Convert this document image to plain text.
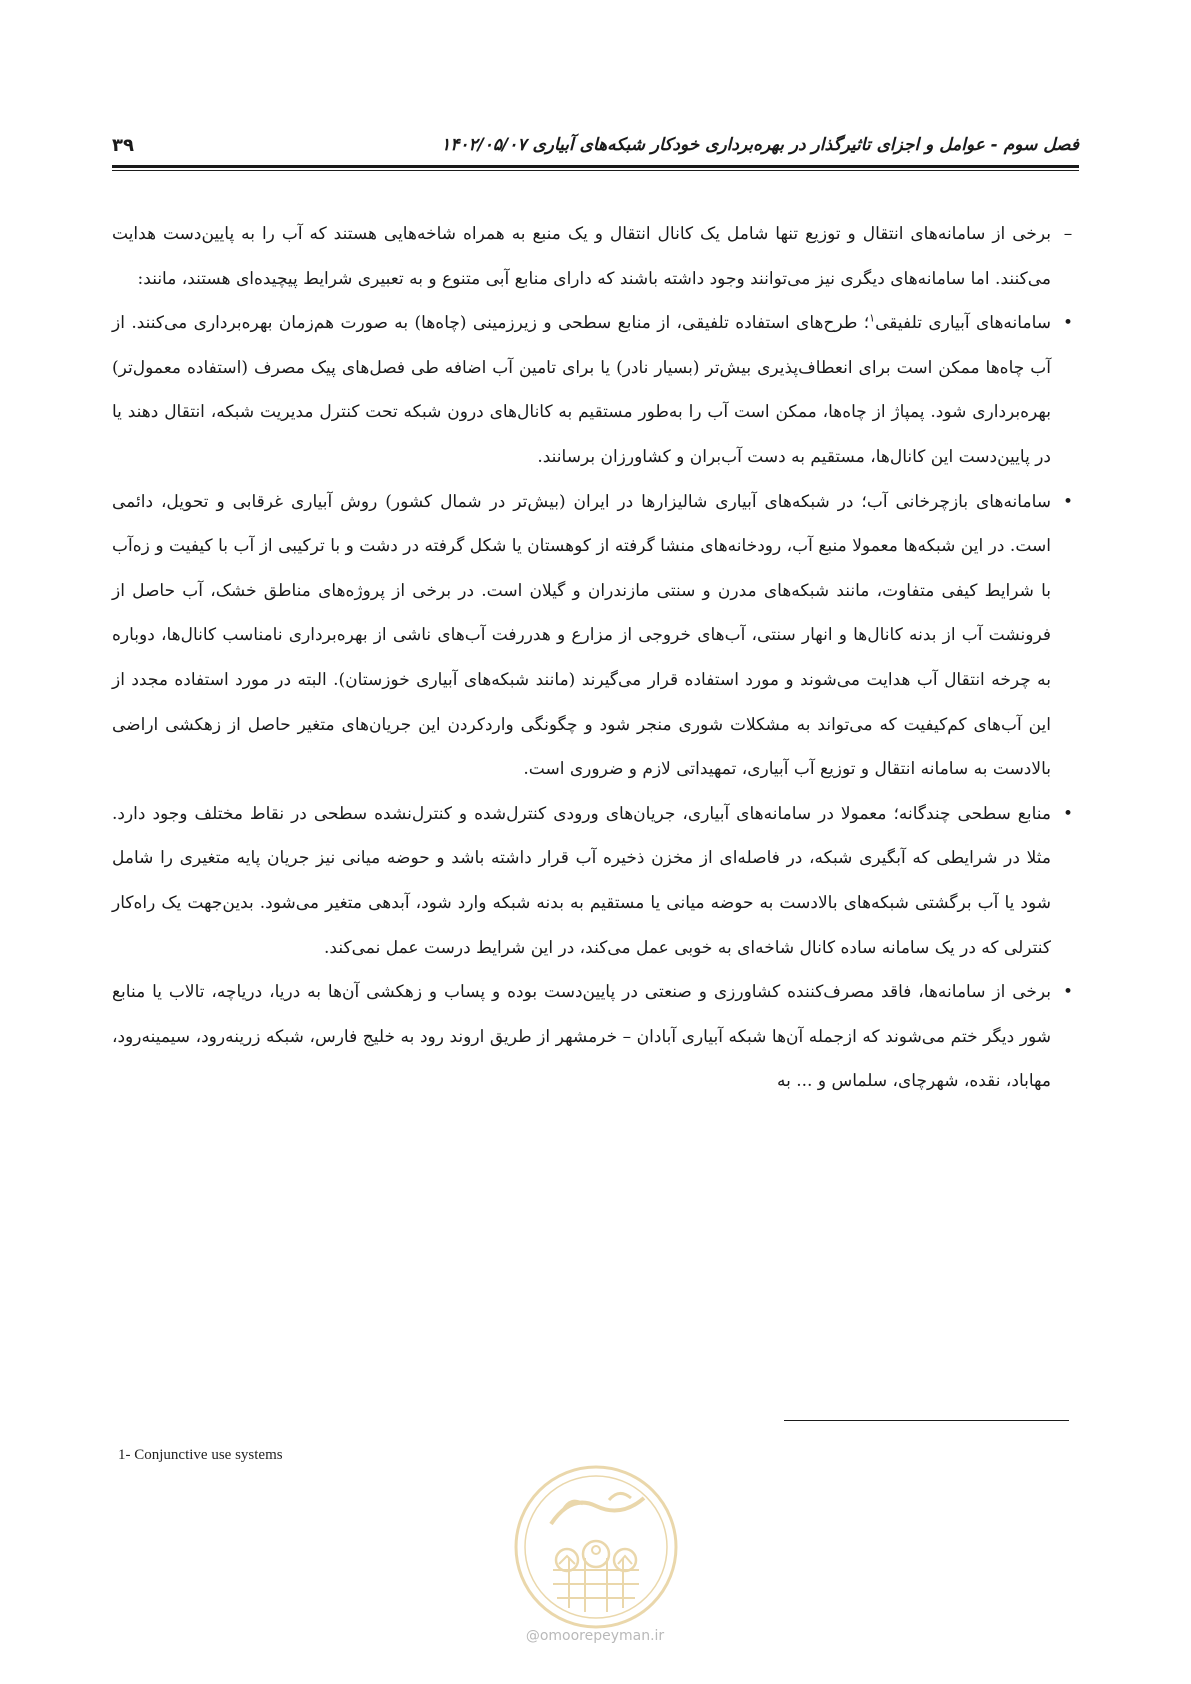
فصل سوم - عوامل و اجزای تاثیرگذار در بهره‌برداری خودکار شبکه‌های آبیاری ۱۴۰۲/۰۵/۰۷
۳۹

–
برخی از سامانه‌های انتقال و توزیع تنها شامل یک کانال انتقال و یک منبع به همراه شاخه‌هایی هستند که آب را به پایین‌دست هدایت می‌کنند. اما سامانه‌های دیگری نیز می‌توانند وجود داشته باشند که دارای منابع آبی متنوع و به تعبیری شرایط پیچیده‌ای هستند، مانند:

•
سامانه‌های آبیاری تلفیقی$^۱$؛ طرح‌های استفاده تلفیقی، از منابع سطحی و زیرزمینی (چاه‌ها) به صورت هم‌زمان بهره‌برداری می‌کنند. از آب چاه‌ها ممکن است برای انعطاف‌پذیری بیش‌تر (بسیار نادر) یا برای تامین آب اضافه طی فصل‌های پیک مصرف (استفاده معمول‌تر) بهره‌برداری شود. پمپاژ از چاه‌ها، ممکن است آب را به‌طور مستقیم به کانال‌های درون شبکه تحت کنترل مدیریت شبکه، انتقال دهند یا در پایین‌دست این کانال‌ها، مستقیم به دست آب‌بران و کشاورزان برسانند.

•
سامانه‌های بازچرخانی آب؛ در شبکه‌های آبیاری شالیزارها در ایران (بیش‌تر در شمال کشور) روش آبیاری غرقابی و تحویل، دائمی است. در این شبکه‌ها معمولا منبع آب، رودخانه‌های منشا گرفته از کوهستان یا شکل گرفته در دشت و با ترکیبی از آب با کیفیت و زه‌آب با شرایط کیفی متفاوت، مانند شبکه‌های مدرن و سنتی مازندران و گیلان است. در برخی از پروژه‌های مناطق خشک، آب حاصل از فرونشت آب از بدنه کانال‌ها و انهار سنتی، آب‌های خروجی از مزارع و هدررفت آب‌های ناشی از بهره‌برداری نامناسب کانال‌ها، دوباره به چرخه انتقال آب هدایت می‌شوند و مورد استفاده قرار می‌گیرند (مانند شبکه‌های آبیاری خوزستان). البته در مورد استفاده مجدد از این آب‌های کم‌کیفیت که می‌تواند به مشکلات شوری منجر شود و چگونگی واردکردن این جریان‌های متغیر حاصل از زهکشی اراضی بالادست به سامانه انتقال و توزیع آب آبیاری، تمهیداتی لازم و ضروری است.

•
منابع سطحی چندگانه؛ معمولا در سامانه‌های آبیاری، جریان‌های ورودی کنترل‌شده و کنترل‌نشده سطحی در نقاط مختلف وجود دارد. مثلا در شرایطی که آبگیری شبکه، در فاصله‌ای از مخزن ذخیره آب قرار داشته باشد و حوضه میانی نیز جریان پایه متغیری را شامل شود یا آب برگشتی شبکه‌های بالادست به حوضه میانی یا مستقیم به بدنه شبکه وارد شود، آبدهی متغیر می‌شود. بدین‌جهت یک راه‌کار کنترلی که در یک سامانه ساده کانال شاخه‌ای به خوبی عمل می‌کند، در این شرایط درست عمل نمی‌کند.

•
برخی از سامانه‌ها، فاقد مصرف‌کننده کشاورزی و صنعتی در پایین‌دست بوده و پساب و زهکشی آن‌ها به دریا، دریاچه، تالاب یا منابع شور دیگر ختم می‌شوند که ازجمله آن‌ها شبکه آبیاری آبادان – خرمشهر از طریق اروند رود به خلیج فارس، شبکه زرینه‌رود، سیمینه‌رود، مهاباد، نقده، شهرچای، سلماس و ... به

1- Conjunctive use systems
@omoorepeyman.ir
